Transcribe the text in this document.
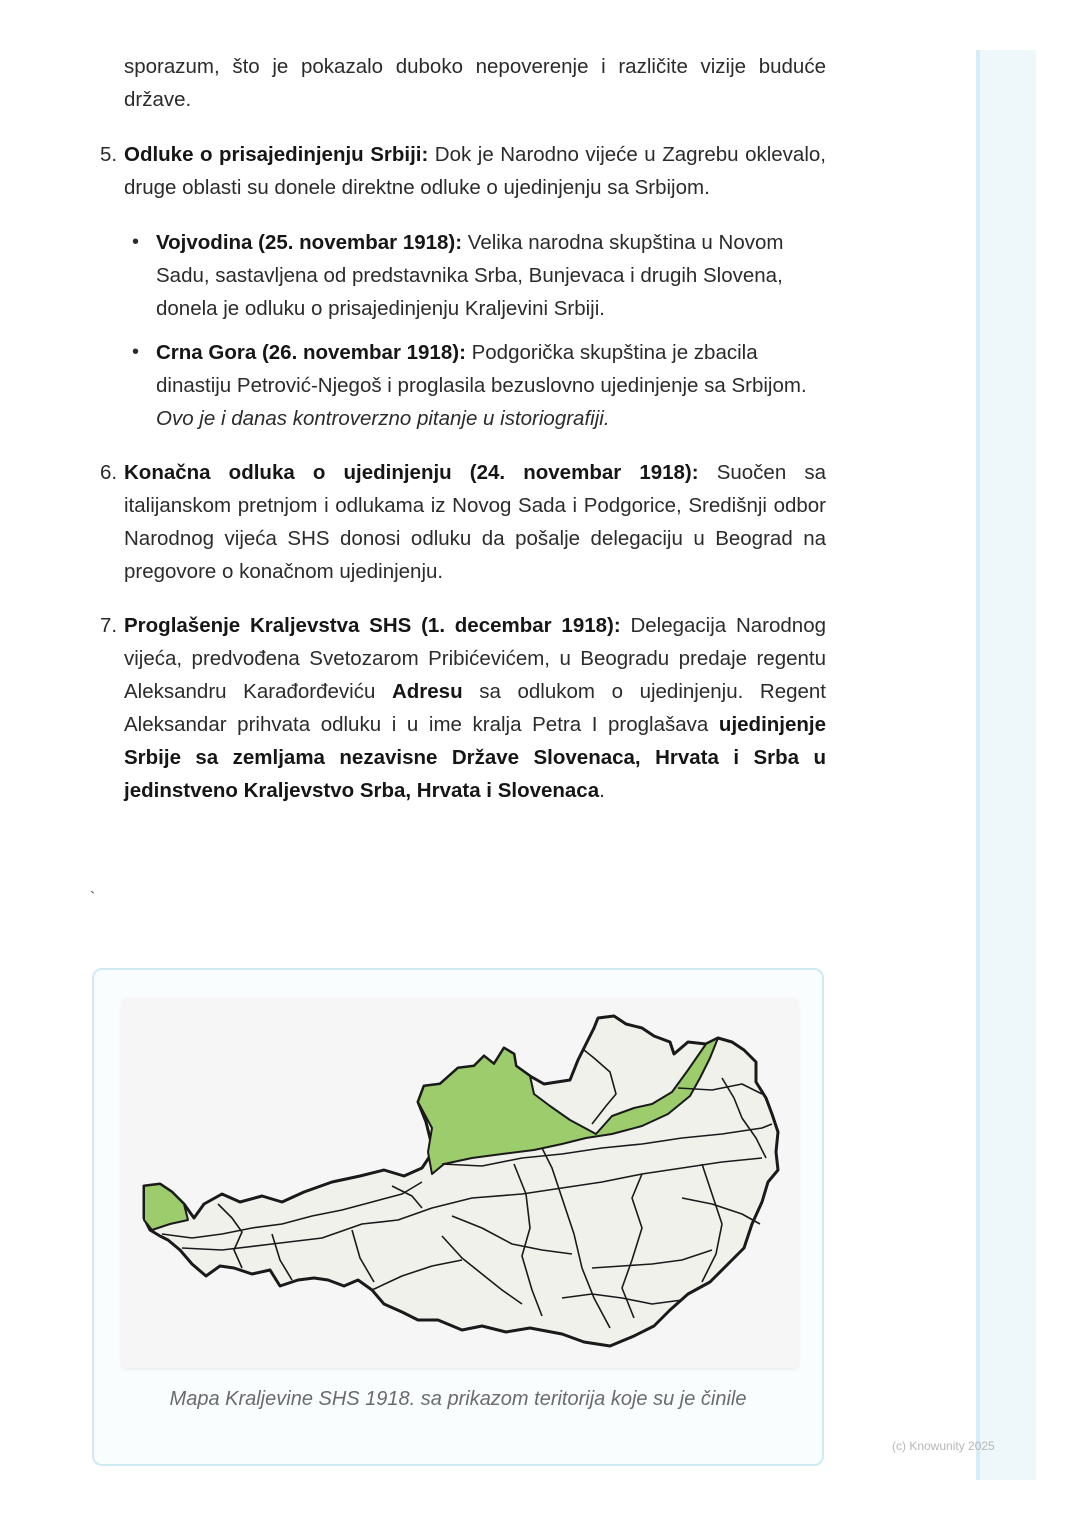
sporazum, što je pokazalo duboko nepoverenje i različite vizije buduće države.

5. Odluke o prisajedinjenju Srbiji: Dok je Narodno vijeće u Zagrebu oklevalo, druge oblasti su donele direktne odluke o ujedinjenju sa Srbijom.

• Vojvodina (25. novembar 1918): Velika narodna skupština u Novom Sadu, sastavljena od predstavnika Srba, Bunjevaca i drugih Slovena, donela je odluku o prisajedinjenju Kraljevini Srbiji.
• Crna Gora (26. novembar 1918): Podgorička skupština je zbacila dinastiju Petrović-Njegoš i proglasila bezuslovno ujedinjenje sa Srbijom. Ovo je i danas kontroverzno pitanje u istoriografiji.
6. Konačna odluka o ujedinjenju (24. novembar 1918): Suočen sa italijanskom pretnjom i odlukama iz Novog Sada i Podgorice, Središnji odbor Narodnog vijeća SHS donosi odluku da pošalje delegaciju u Beograd na pregovore o konačnom ujedinjenju.

7. Proglašenje Kraljevstva SHS (1. decembar 1918): Delegacija Narodnog vijeća, predvođena Svetozarom Pribićevićem, u Beogradu predaje regentu Aleksandru Karađorđeviću Adresu sa odlukom o ujedinjenju. Regent Aleksandar prihvata odluku i u ime kralja Petra I proglašava ujedinjenje Srbije sa zemljama nezavisne Države Slovenaca, Hrvata i Srba u jedinstveno Kraljevstvo Srba, Hrvata i Slovenaca.

`
Mapa Kraljevine SHS 1918. sa prikazom teritorija koje su je činile
(c) Knowunity 2025
